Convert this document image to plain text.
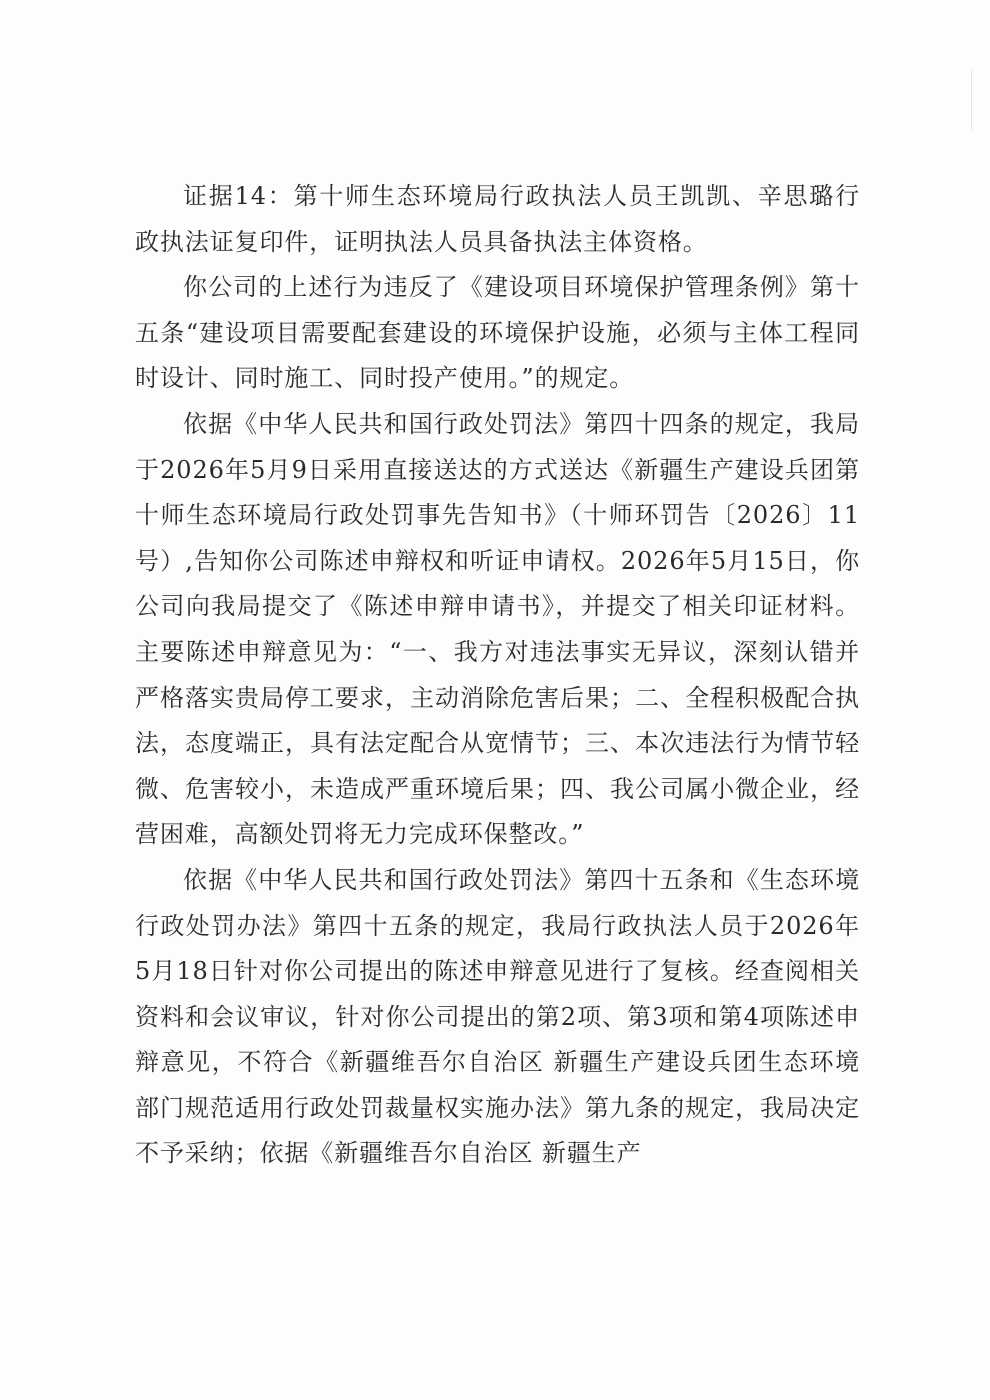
证据14：第十师生态环境局行政执法人员王凯凯、辛思璐行政执法证复印件，证明执法人员具备执法主体资格。

你公司的上述行为违反了《建设项目环境保护管理条例》第十五条“建设项目需要配套建设的环境保护设施，必须与主体工程同时设计、同时施工、同时投产使用。”的规定。

依据《中华人民共和国行政处罚法》第四十四条的规定，我局于2026年5月9日采用直接送达的方式送达《新疆生产建设兵团第十师生态环境局行政处罚事先告知书》（十师环罚告〔2026〕11号）,告知你公司陈述申辩权和听证申请权。2026年5月15日，你公司向我局提交了《陈述申辩申请书》，并提交了相关印证材料。主要陈述申辩意见为：“一、我方对违法事实无异议，深刻认错并严格落实贵局停工要求，主动消除危害后果；二、全程积极配合执法，态度端正，具有法定配合从宽情节；三、本次违法行为情节轻微、危害较小，未造成严重环境后果；四、我公司属小微企业，经营困难，高额处罚将无力完成环保整改。”

依据《中华人民共和国行政处罚法》第四十五条和《生态环境行政处罚办法》第四十五条的规定，我局行政执法人员于2026年5月18日针对你公司提出的陈述申辩意见进行了复核。经查阅相关资料和会议审议，针对你公司提出的第2项、第3项和第4项陈述申辩意见，不符合《新疆维吾尔自治区 新疆生产建设兵团生态环境部门规范适用行政处罚裁量权实施办法》第九条的规定，我局决定不予采纳；依据《新疆维吾尔自治区 新疆生产
